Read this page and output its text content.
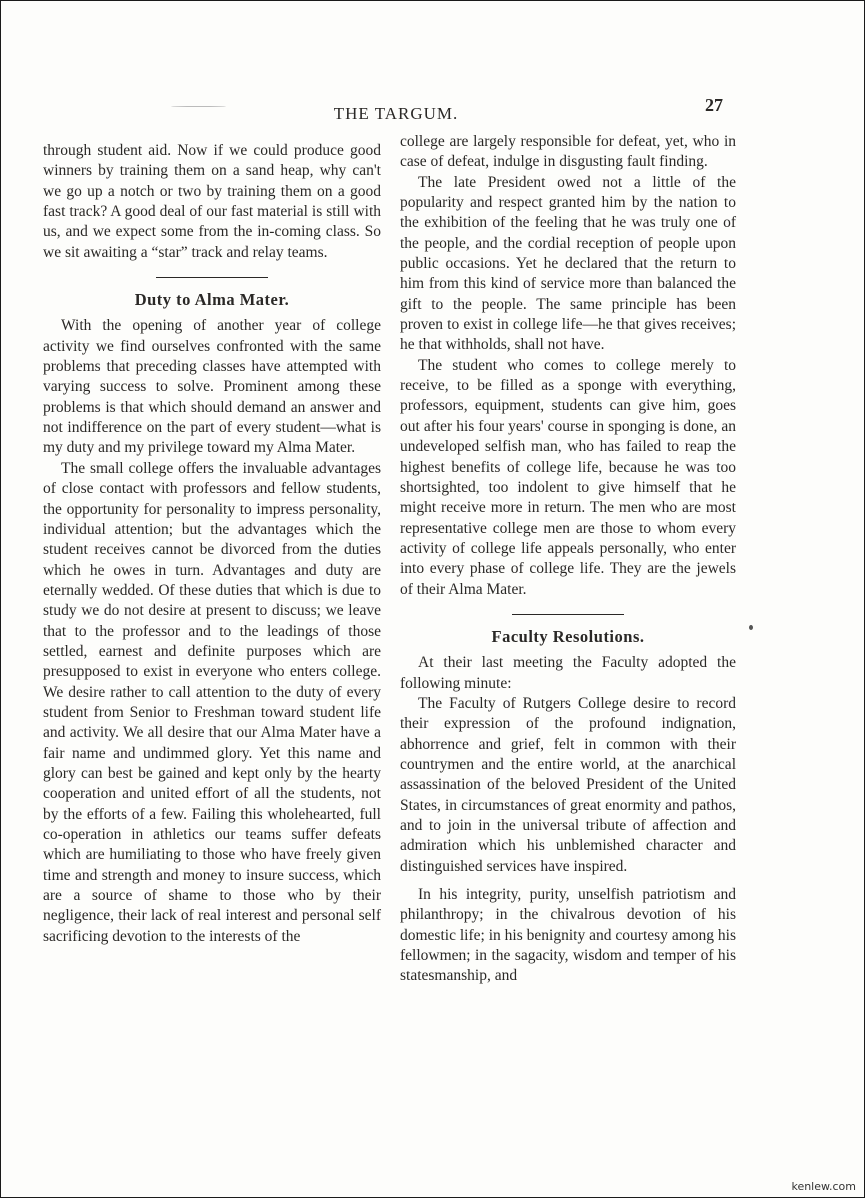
THE TARGUM.	27

through student aid. Now if we could produce good winners by training them on a sand heap, why can't we go up a notch or two by training them on a good fast track? A good deal of our fast material is still with us, and we expect some from the in-coming class. So we sit awaiting a “star” track and relay teams.

Duty to Alma Mater.

With the opening of another year of college activity we find ourselves confronted with the same problems that preceding classes have attempted with varying success to solve. Prominent among these problems is that which should demand an answer and not indifference on the part of every student—what is my duty and my privilege toward my Alma Mater.

The small college offers the invaluable advantages of close contact with professors and fellow students, the opportunity for personality to impress personality, individual attention; but the advantages which the student receives cannot be divorced from the duties which he owes in turn. Advantages and duty are eternally wedded. Of these duties that which is due to study we do not desire at present to discuss; we leave that to the professor and to the leadings of those settled, earnest and definite purposes which are presupposed to exist in everyone who enters college. We desire rather to call attention to the duty of every student from Senior to Freshman toward student life and activity. We all desire that our Alma Mater have a fair name and undimmed glory. Yet this name and glory can best be gained and kept only by the hearty cooperation and united effort of all the students, not by the efforts of a few. Failing this wholehearted, full co-operation in athletics our teams suffer defeats which are humiliating to those who have freely given time and strength and money to insure success, which are a source of shame to those who by their negligence, their lack of real interest and personal self sacrificing devotion to the interests of the

college are largely responsible for defeat, yet, who in case of defeat, indulge in disgusting fault finding.

The late President owed not a little of the popularity and respect granted him by the nation to the exhibition of the feeling that he was truly one of the people, and the cordial reception of people upon public occasions. Yet he declared that the return to him from this kind of service more than balanced the gift to the people. The same principle has been proven to exist in college life—he that gives receives; he that withholds, shall not have.

The student who comes to college merely to receive, to be filled as a sponge with everything, professors, equipment, students can give him, goes out after his four years' course in sponging is done, an undeveloped selfish man, who has failed to reap the highest benefits of college life, because he was too shortsighted, too indolent to give himself that he might receive more in return. The men who are most representative college men are those to whom every activity of college life appeals personally, who enter into every phase of college life. They are the jewels of their Alma Mater.

Faculty Resolutions.

At their last meeting the Faculty adopted the following minute:

The Faculty of Rutgers College desire to record their expression of the profound indignation, abhorrence and grief, felt in common with their countrymen and the entire world, at the anarchical assassination of the beloved President of the United States, in circumstances of great enormity and pathos, and to join in the universal tribute of affection and admiration which his unblemished character and distinguished services have inspired.

In his integrity, purity, unselfish patriotism and philanthropy; in the chivalrous devotion of his domestic life; in his benignity and courtesy among his fellowmen; in the sagacity, wisdom and temper of his statesmanship, and

kenlew.com
